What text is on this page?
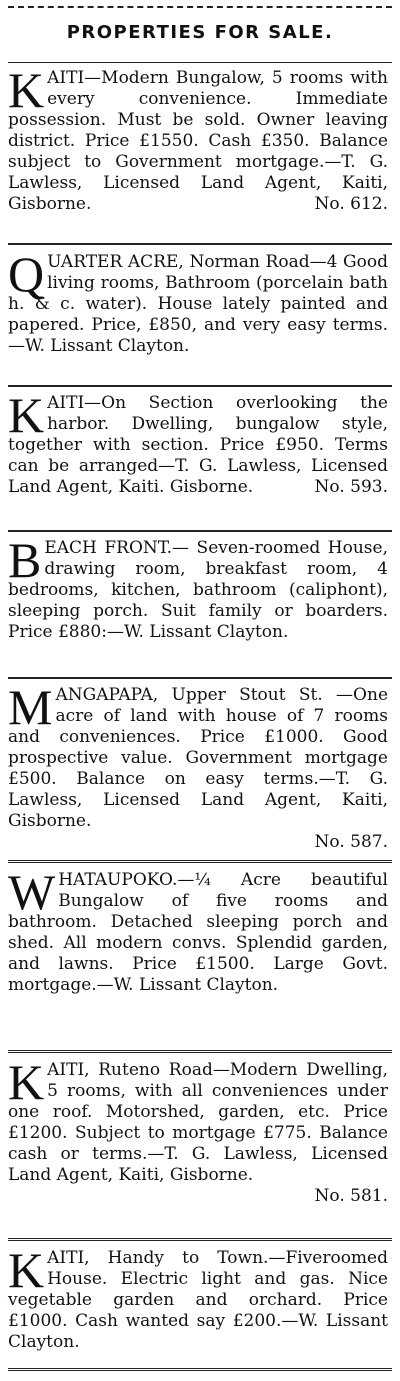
PROPERTIES FOR SALE.

KAITI—Modern Bungalow, 5 rooms with every convenience. Immediate possession. Must be sold. Owner leaving district. Price £1550. Cash £350. Balance subject to Government mortgage.—T. G. Lawless, Licensed Land Agent, Kaiti, Gisborne.	No. 612.

QUARTER ACRE, Norman Road—4 Good living rooms, Bathroom (porcelain bath h. & c. water). House lately painted and papered. Price, £850, and very easy terms.—W. Lissant Clayton.

KAITI—On Section overlooking the harbor. Dwelling, bungalow style, together with section. Price £950. Terms can be arranged—T. G. Lawless, Licensed Land Agent, Kaiti. Gisborne.	No. 593.

BEACH FRONT.— Seven-roomed House, drawing room, breakfast room, 4 bedrooms, kitchen, bathroom (caliphont), sleeping porch. Suit family or boarders. Price £880:—W. Lissant Clayton.

MANGAPAPA, Upper Stout St. —One acre of land with house of 7 rooms and conveniences. Price £1000. Good prospective value. Government mortgage £500. Balance on easy terms.—T. G. Lawless, Licensed Land Agent, Kaiti, Gisborne.
No. 587.

WHATAUPOKO.—¼ Acre beautiful Bungalow of five rooms and bathroom. Detached sleeping porch and shed. All modern convs. Splendid garden, and lawns. Price £1500. Large Govt. mortgage.—W. Lissant Clayton.

KAITI, Ruteno Road—Modern Dwelling, 5 rooms, with all conveniences under one roof. Motorshed, garden, etc. Price £1200. Subject to mortgage £775. Balance cash or terms.—T. G. Lawless, Licensed Land Agent, Kaiti, Gisborne.
No. 581.

KAITI, Handy to Town.—Fiveroomed House. Electric light and gas. Nice vegetable garden and orchard. Price £1000. Cash wanted say £200.—W. Lissant Clayton.
